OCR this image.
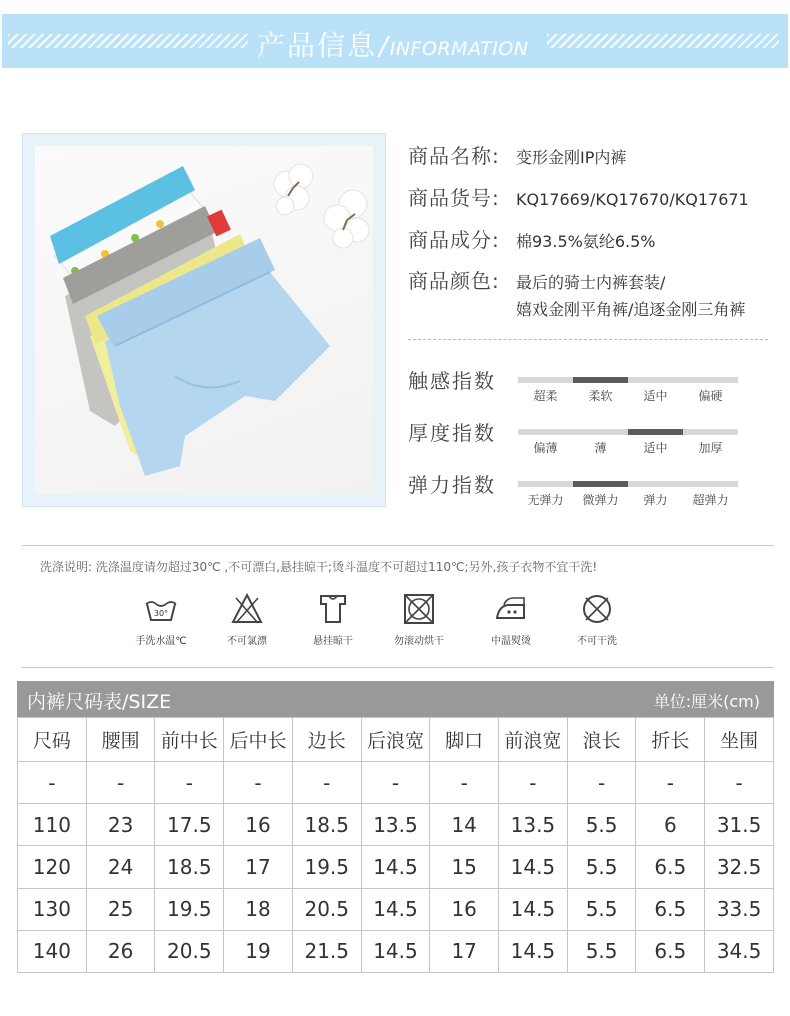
产品信息 / INFORMATION
商品名称:	变形金刚IP内裤
商品货号:	KQ17669/KQ17670/KQ17671
商品成分:	棉93.5%氨纶6.5%
商品颜色:	最后的骑士内裤套装/
嬉戏金刚平角裤/追逐金刚三角裤
触感指数
超柔	柔软	适中	偏硬
厚度指数
偏薄	薄	适中	加厚
弹力指数
无弹力	微弹力	弹力	超弹力
洗涤说明: 洗涤温度请勿超过30℃ ,不可漂白,悬挂晾干;烫斗温度不可超过110℃;另外,孩子衣物不宜干洗!
30°
手洗水温℃	不可氯漂	悬挂晾干	勿滚动烘干	中温熨烫	不可干洗
内裤尺码表/SIZE	单位:厘米(cm)
尺码	腰围	前中长	后中长	边长	后浪宽	脚口	前浪宽	浪长	折长	坐围
-	-	-	-	-	-	-	-	-	-	-
110	23	17.5	16	18.5	13.5	14	13.5	5.5	6	31.5
120	24	18.5	17	19.5	14.5	15	14.5	5.5	6.5	32.5
130	25	19.5	18	20.5	14.5	16	14.5	5.5	6.5	33.5
140	26	20.5	19	21.5	14.5	17	14.5	5.5	6.5	34.5
